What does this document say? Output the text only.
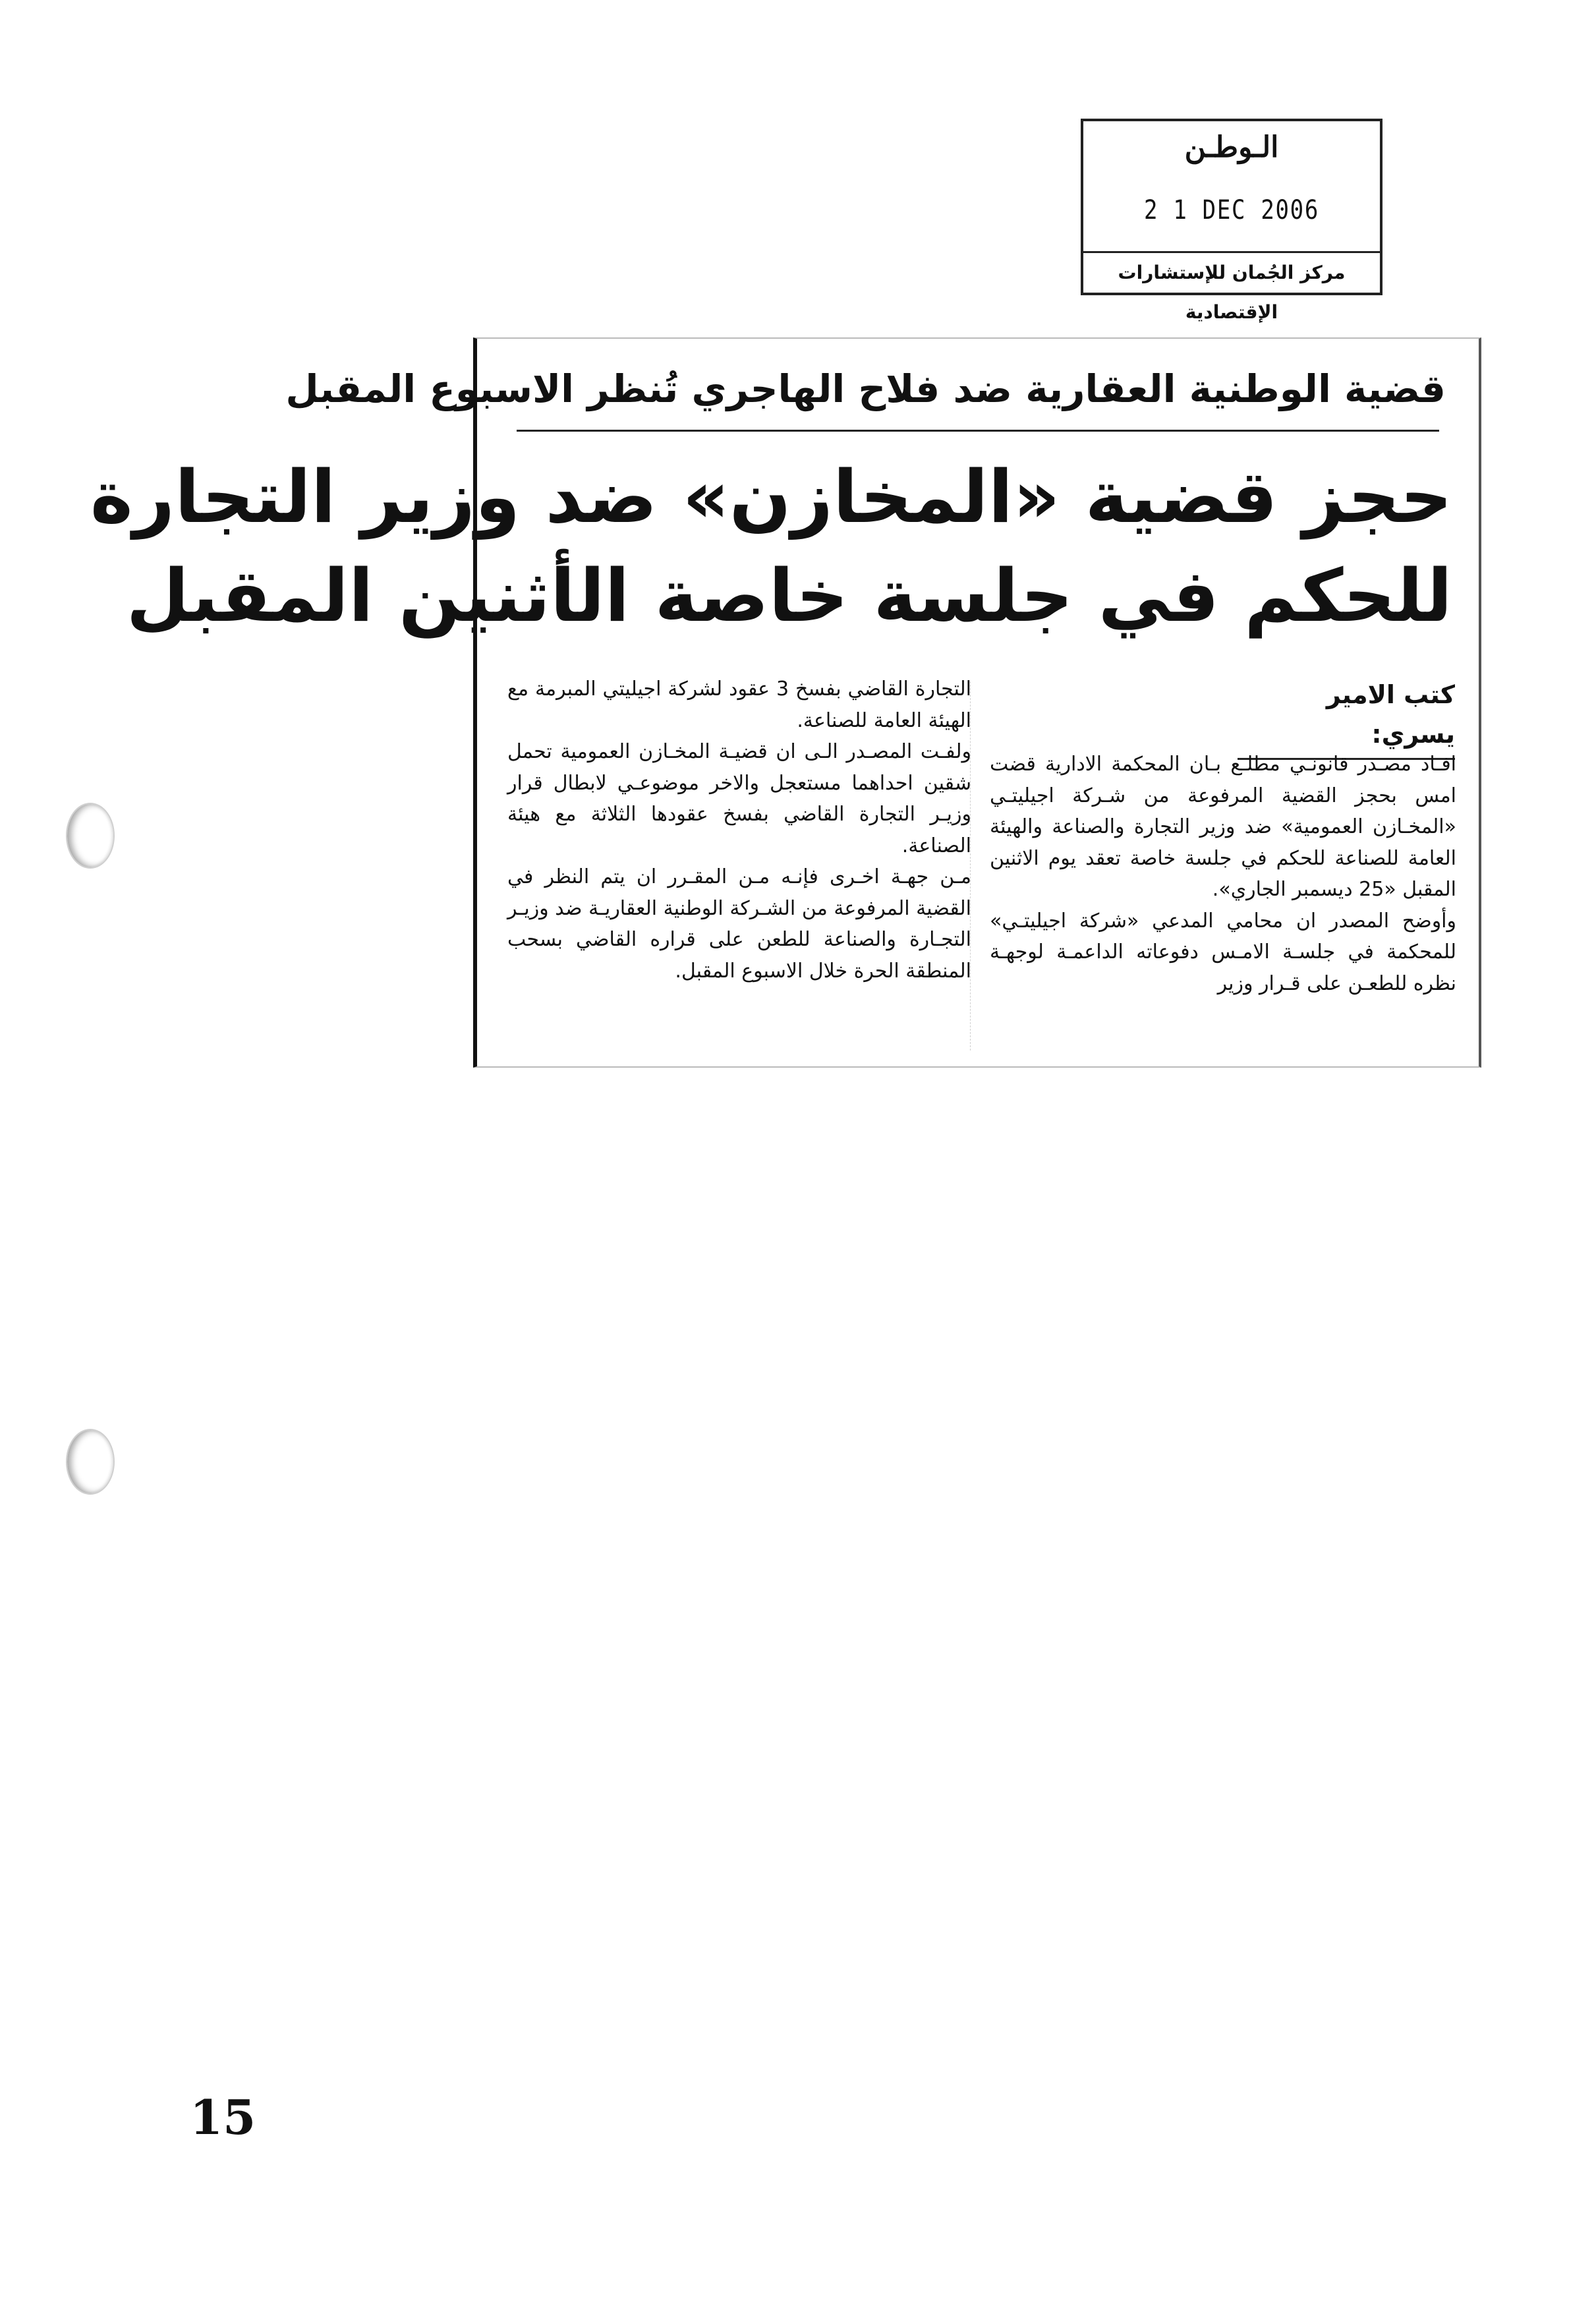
الـوطـن
2 1 DEC 2006
مركز الجُمان للإستشارات الإقتصادية
قضية الوطنية العقارية ضد فلاح الهاجري تُنظر الاسبوع المقبل
حجز قضية «المخازن» ضد وزير التجارة
للحكم في جلسة خاصة الأثنين المقبل
كتب الامير يسري:

افـاد مصـدر قانونـي مطلـع بـان المحكمة الادارية قضت امس بحجز القضية المرفوعة من شـركة اجيليتـي «المخـازن العمومية» ضد وزير التجارة والصناعة والهيئة العامة للصناعة للحكم في جلسة خاصة تعقد يوم الاثنين المقبل «25 ديسمبر الجاري».

وأوضح المصدر ان محامي المدعي «شركة اجيليتـي» للمحكمة في جلسـة الامـس دفوعاته الداعمـة لوجهـة نظره للطعـن على قـرار وزير

التجارة القاضي بفسخ 3 عقود لشركة اجيليتي المبرمة مع الهيئة العامة للصناعة.

ولفـت المصـدر الـى ان قضيـة المخـازن العمومية تحمل شقين احداهما مستعجل والاخر موضوعـي لابطال قرار وزيـر التجارة القاضي بفسخ عقودها الثلاثة مع هيئة الصناعة.

مـن جهـة اخـرى فإنـه مـن المقـرر ان يتم النظر في القضية المرفوعة من الشـركة الوطنية العقاريـة ضد وزيـر التجـارة والصناعة للطعن على قراره القاضي بسحب المنطقة الحرة خلال الاسبوع المقبل.

15
